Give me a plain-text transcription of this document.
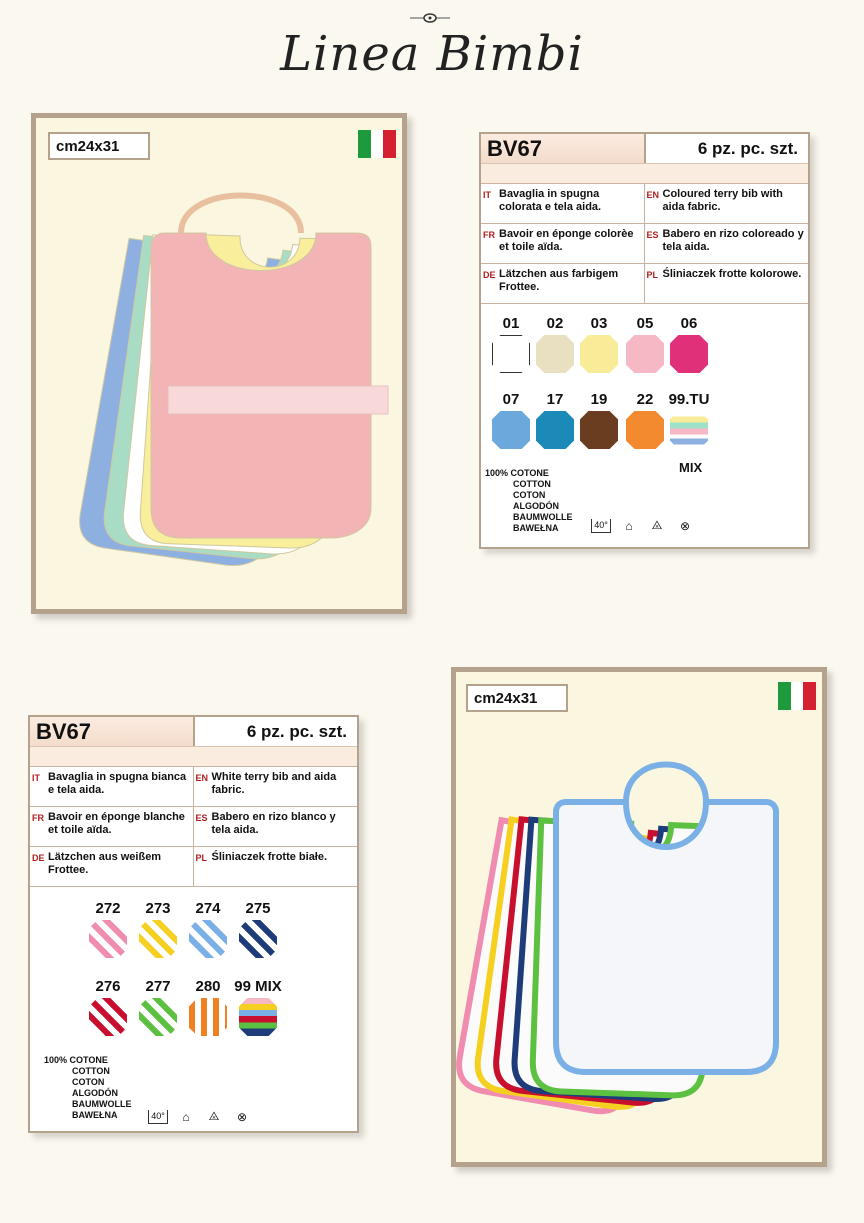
Linea Bimbi
cm24x31	BV67	6 pz. pc. szt.
IT Bavaglia in spugna colorata e tela aida.
EN Coloured terry bib with aida fabric.
FR Bavoir en éponge colorèe et toile aïda.
ES Babero en rizo coloreado y tela aida.
DE Lätzchen aus farbigem Frottee.
PL Śliniaczek frotte kolorowe.
01	02	03	05	06
07	17	19	22	99.TU
MIX
100% COTONE
COTTON
COTON
ALGODÓN
BAUMWOLLE
BAWEŁNA	40°	⌂	⨻	⊗
BV67	6 pz. pc. szt.
IT Bavaglia in spugna bianca e tela aida.
EN White terry bib and aida fabric.
FR Bavoir en éponge blanche et toile aïda.
ES Babero en rizo blanco y tela aida.
DE Lätzchen aus weißem Frottee.
PL Śliniaczek frotte białe.
272	273	274	275
276	277	280 99 MIX
100% COTONE
COTTON
COTON
ALGODÓN
BAUMWOLLE
BAWEŁNA	40°	⌂	⨻	⊗
cm24x31
